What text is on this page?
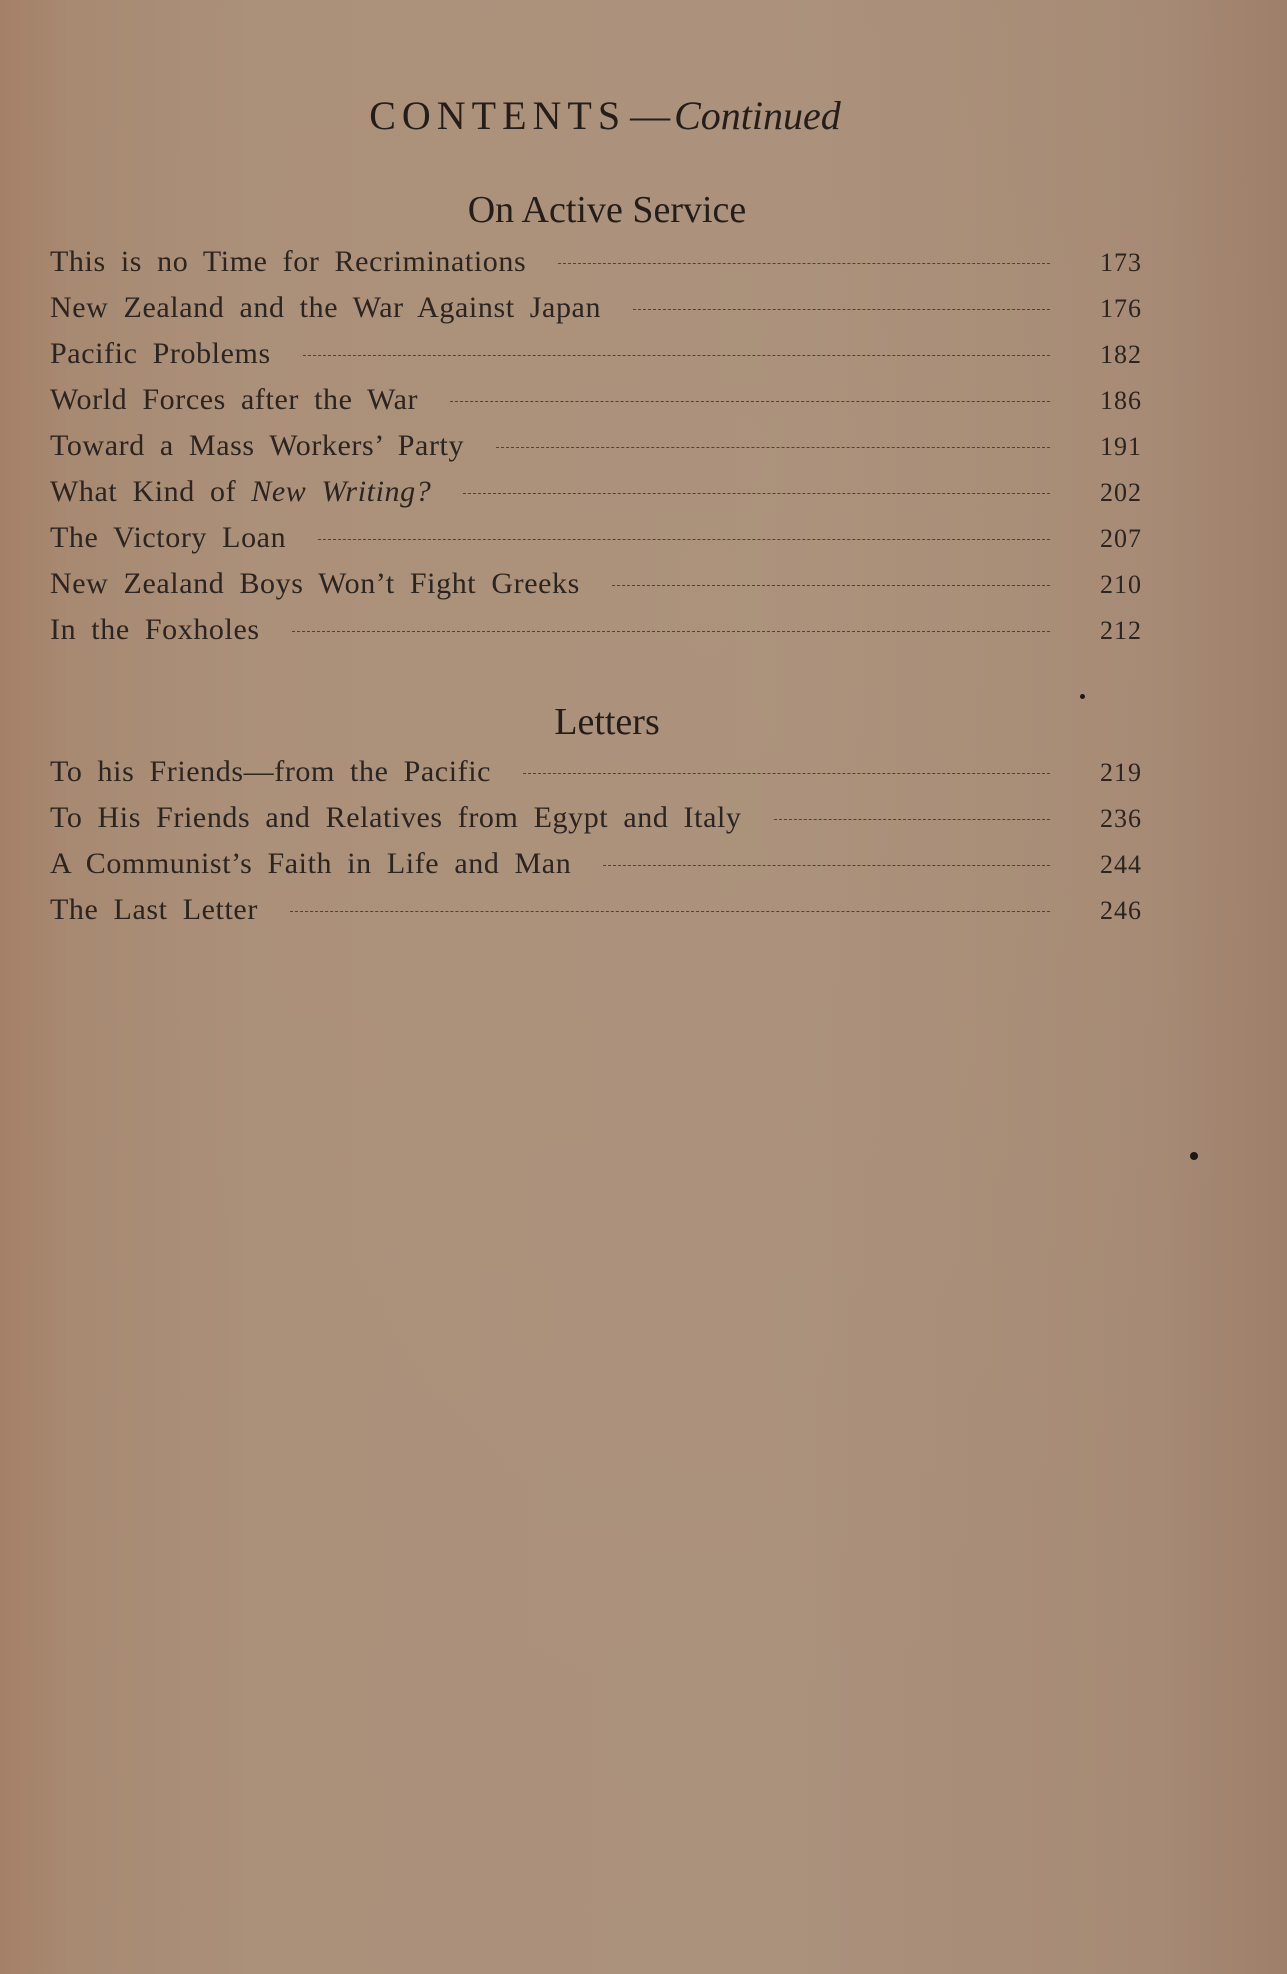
CONTENTS — Continued
On Active Service
This is no Time for Recriminations	173
New Zealand and the War Against Japan	176
Pacific Problems	182
World Forces after the War	186
Toward a Mass Workers’ Party	191
What Kind of New Writing?	202
The Victory Loan	207
New Zealand Boys Won’t Fight Greeks	210
In the Foxholes	212
Letters
To his Friends—from the Pacific	219
To His Friends and Relatives from Egypt and Italy	236
A Communist’s Faith in Life and Man	244
The Last Letter	246
